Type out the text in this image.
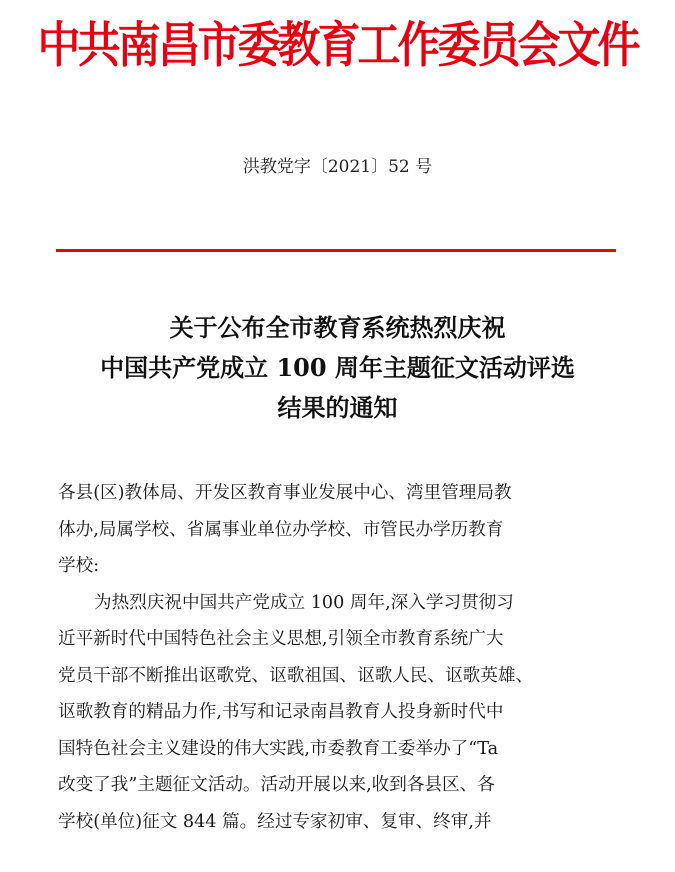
中共南昌市委教育工作委员会文件
洪教党字〔2021〕52 号
关于公布全市教育系统热烈庆祝
中国共产党成立 100 周年主题征文活动评选
结果的通知
各县(区)教体局、开发区教育事业发展中心、湾里管理局教
体办,局属学校、省属事业单位办学校、市管民办学历教育
学校:
为热烈庆祝中国共产党成立 100 周年,深入学习贯彻习
近平新时代中国特色社会主义思想,引领全市教育系统广大
党员干部不断推出讴歌党、讴歌祖国、讴歌人民、讴歌英雄、
讴歌教育的精品力作,书写和记录南昌教育人投身新时代中
国特色社会主义建设的伟大实践,市委教育工委举办了“Ta
改变了我”主题征文活动。活动开展以来,收到各县区、各
学校(单位)征文 844 篇。经过专家初审、复审、终审,并
